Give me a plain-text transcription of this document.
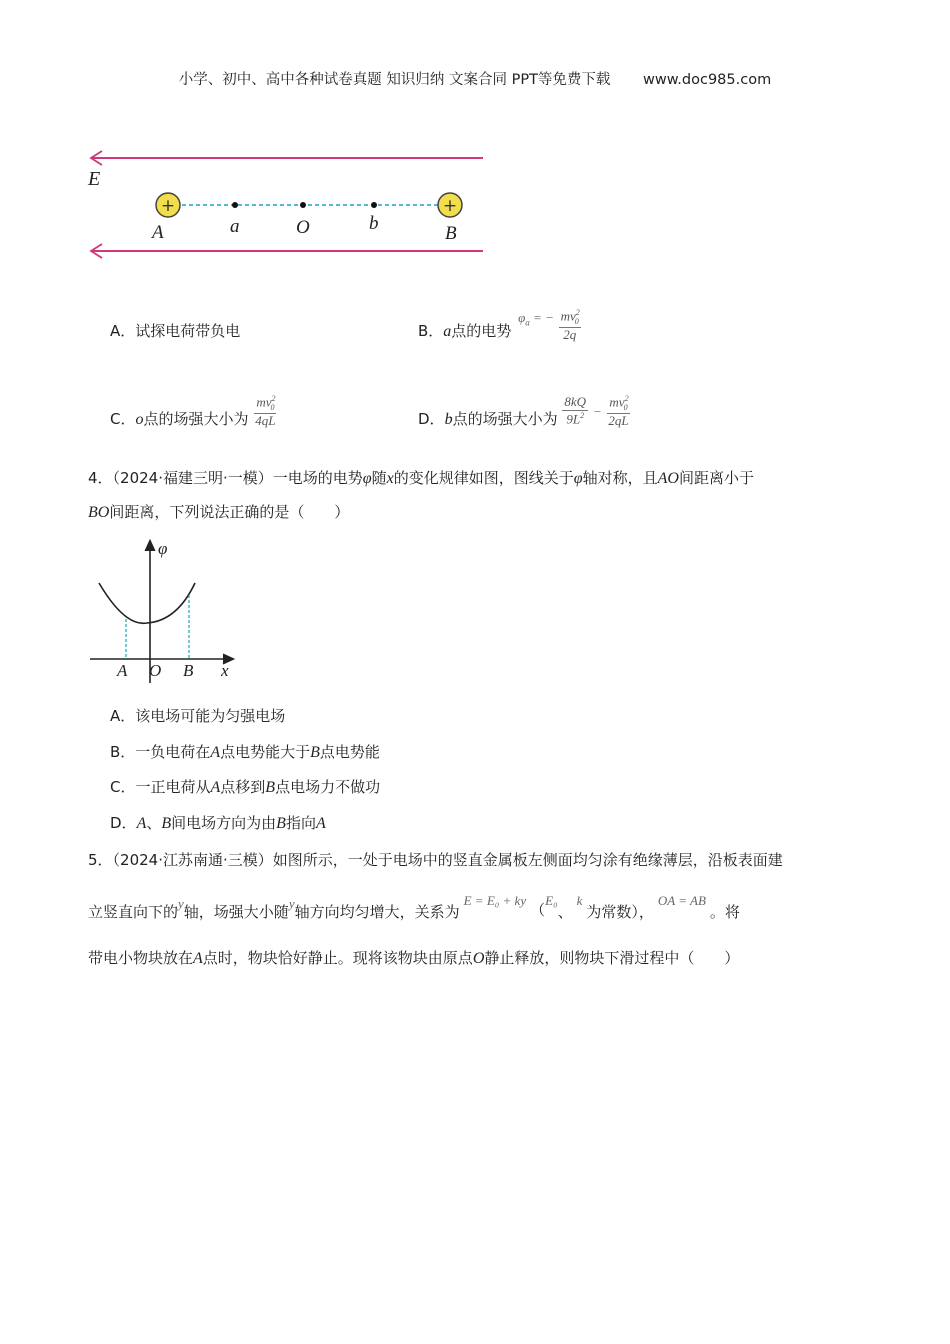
小学、初中、高中各种试卷真题 知识归纳 文案合同 PPT等免费下载 www.doc985.com
E
+	+
A	a	O	b	B
A．试探电荷带负电	B．a点的电势 $\varphi_a$ = − $\frac{mv^2_0}{2q}$
C．o点的场强大小为 $\frac{mv^2_0}{4qL}$	D．b点的场强大小为 $\frac{8kQ}{9L^2} - \frac{mv^2_0}{2qL}$
4．（2024·福建三明·一模）一电场的电势φ随x的变化规律如图，图线关于φ轴对称，且AO间距离小于
BO间距离，下列说法正确的是（　　）
φ
A O B x
A．该电场可能为匀强电场
B．一负电荷在A点电势能大于B点电势能
C．一正电荷从A点移到B点电场力不做功
D．A、B间电场方向为由B指向A
5．（2024·江苏南通·三模）如图所示，一处于电场中的竖直金属板左侧面均匀涂有绝缘薄层，沿板表面建
立竖直向下的y轴，场强大小随y轴方向均匀增大，关系为E = E₀ + ky（E₀、k为常数），OA = AB。将
带电小物块放在A点时，物块恰好静止。现将该物块由原点O静止释放，则物块下滑过程中（　　）
